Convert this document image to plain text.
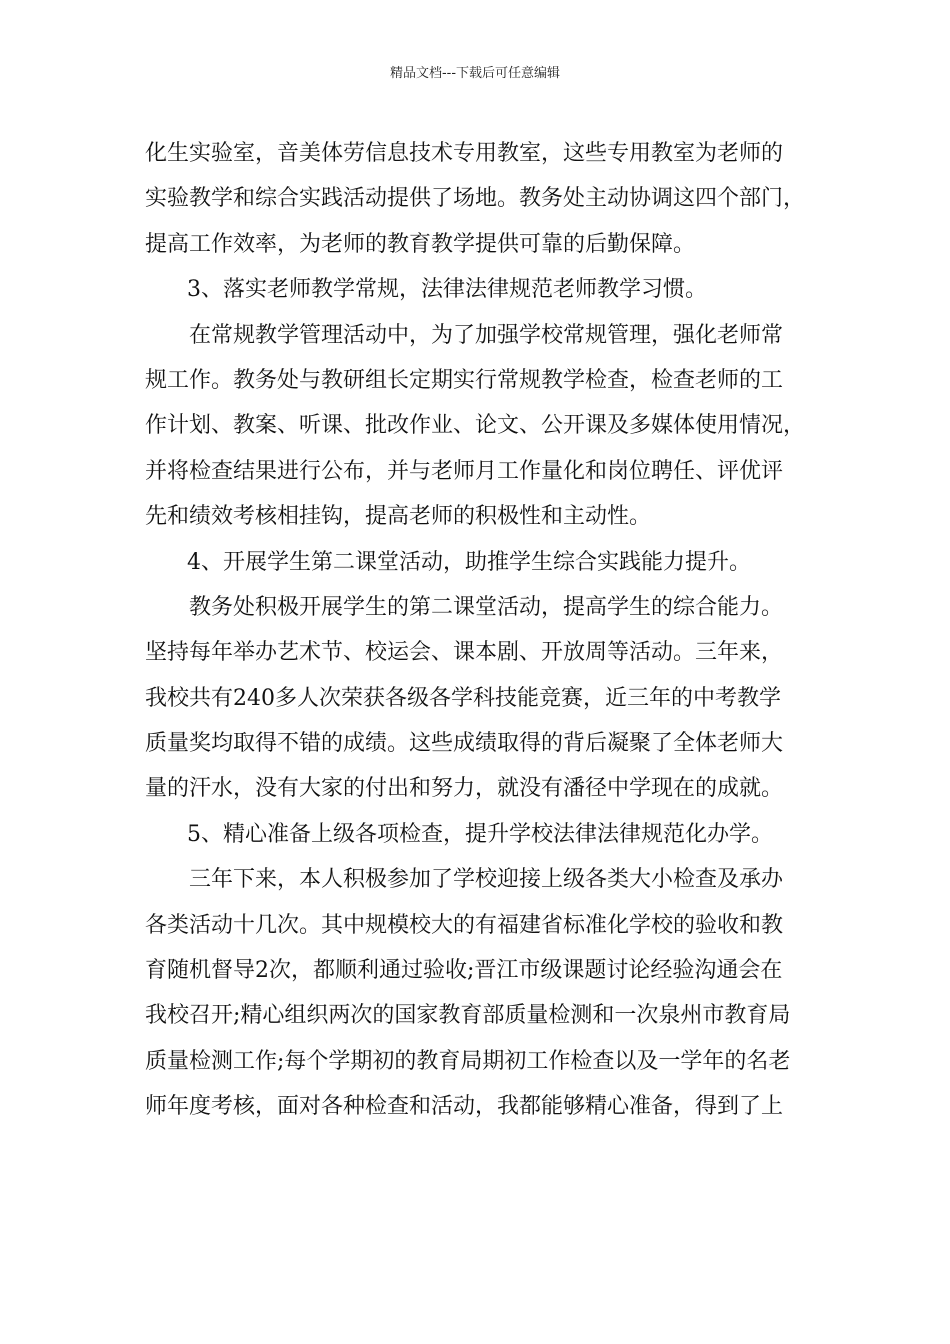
精品文档---下载后可任意编辑
化生实验室，音美体劳信息技术专用教室，这些专用教室为老师的
实验教学和综合实践活动提供了场地。教务处主动协调这四个部门，
提高工作效率，为老师的教育教学提供可靠的后勤保障。
3、落实老师教学常规，法律法律规范老师教学习惯。
在常规教学管理活动中，为了加强学校常规管理，强化老师常
规工作。教务处与教研组长定期实行常规教学检查，检查老师的工
作计划、教案、听课、批改作业、论文、公开课及多媒体使用情况，
并将检查结果进行公布，并与老师月工作量化和岗位聘任、评优评
先和绩效考核相挂钩，提高老师的积极性和主动性。
4、开展学生第二课堂活动，助推学生综合实践能力提升。
教务处积极开展学生的第二课堂活动，提高学生的综合能力。
坚持每年举办艺术节、校运会、课本剧、开放周等活动。三年来，
我校共有240多人次荣获各级各学科技能竞赛，近三年的中考教学
质量奖均取得不错的成绩。这些成绩取得的背后凝聚了全体老师大
量的汗水，没有大家的付出和努力，就没有潘径中学现在的成就。
5、精心准备上级各项检查，提升学校法律法律规范化办学。
三年下来，本人积极参加了学校迎接上级各类大小检查及承办
各类活动十几次。其中规模校大的有福建省标准化学校的验收和教
育随机督导2次，都顺利通过验收;晋江市级课题讨论经验沟通会在
我校召开;精心组织两次的国家教育部质量检测和一次泉州市教育局
质量检测工作;每个学期初的教育局期初工作检查以及一学年的名老
师年度考核，面对各种检查和活动，我都能够精心准备，得到了上
